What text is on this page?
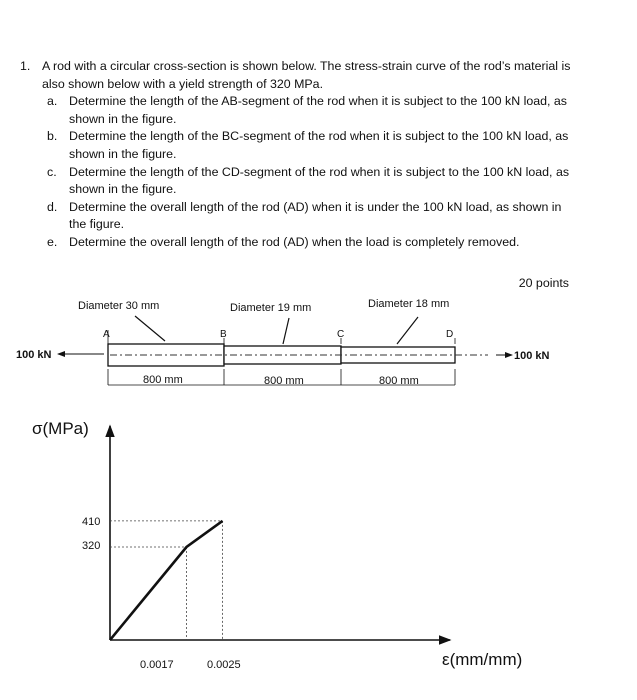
1. A rod with a circular cross-section is shown below. The stress-strain curve of the rod’s material is also shown below with a yield strength of 320 MPa.
a. Determine the length of the AB-segment of the rod when it is subject to the 100 kN load, as shown in the figure.
b. Determine the length of the BC-segment of the rod when it is subject to the 100 kN load, as shown in the figure.
c. Determine the length of the CD-segment of the rod when it is subject to the 100 kN load, as shown in the figure.
d. Determine the overall length of the rod (AD) when it is under the 100 kN load, as shown in the figure.
e. Determine the overall length of the rod (AD) when the load is completely removed.
20 points
100 kN	100 kN
A	B	C	D
Diameter 30 mm	Diameter 19 mm	Diameter 18 mm
800 mm	800 mm	800 mm
σ(MPa)
ε(mm/mm)
410
320
0.0017	0.0025
